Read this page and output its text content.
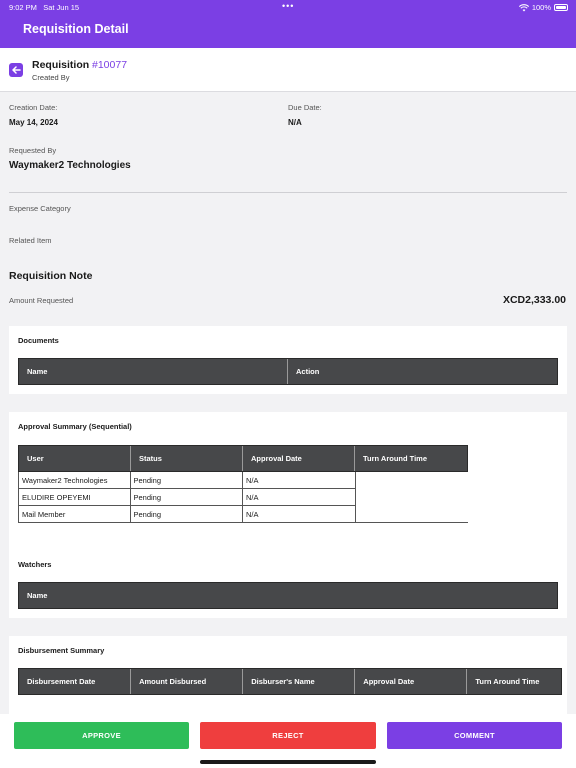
9:02 PM Sat Jun 15	•••	100%
Requisition Detail
Requisition #10077
Created By
Creation Date:
May 14, 2024
Due Date:
N/A
Requested By
Waymaker2 Technologies
Expense Category
Related Item
Requisition Note
Amount Requested	XCD2,333.00
Documents
Name	Action
Approval Summary (Sequential)
User	Status	Approval Date	Turn Around Time
Waymaker2 Technologies	Pending	N/A
ELUDIRE OPEYEMI	Pending	N/A
Mail Member	Pending	N/A
Watchers
Name
Disbursement Summary
Disbursement Date	Amount Disbursed	Disburser's Name	Approval Date	Turn Around Time
APPROVE	REJECT	COMMENT
